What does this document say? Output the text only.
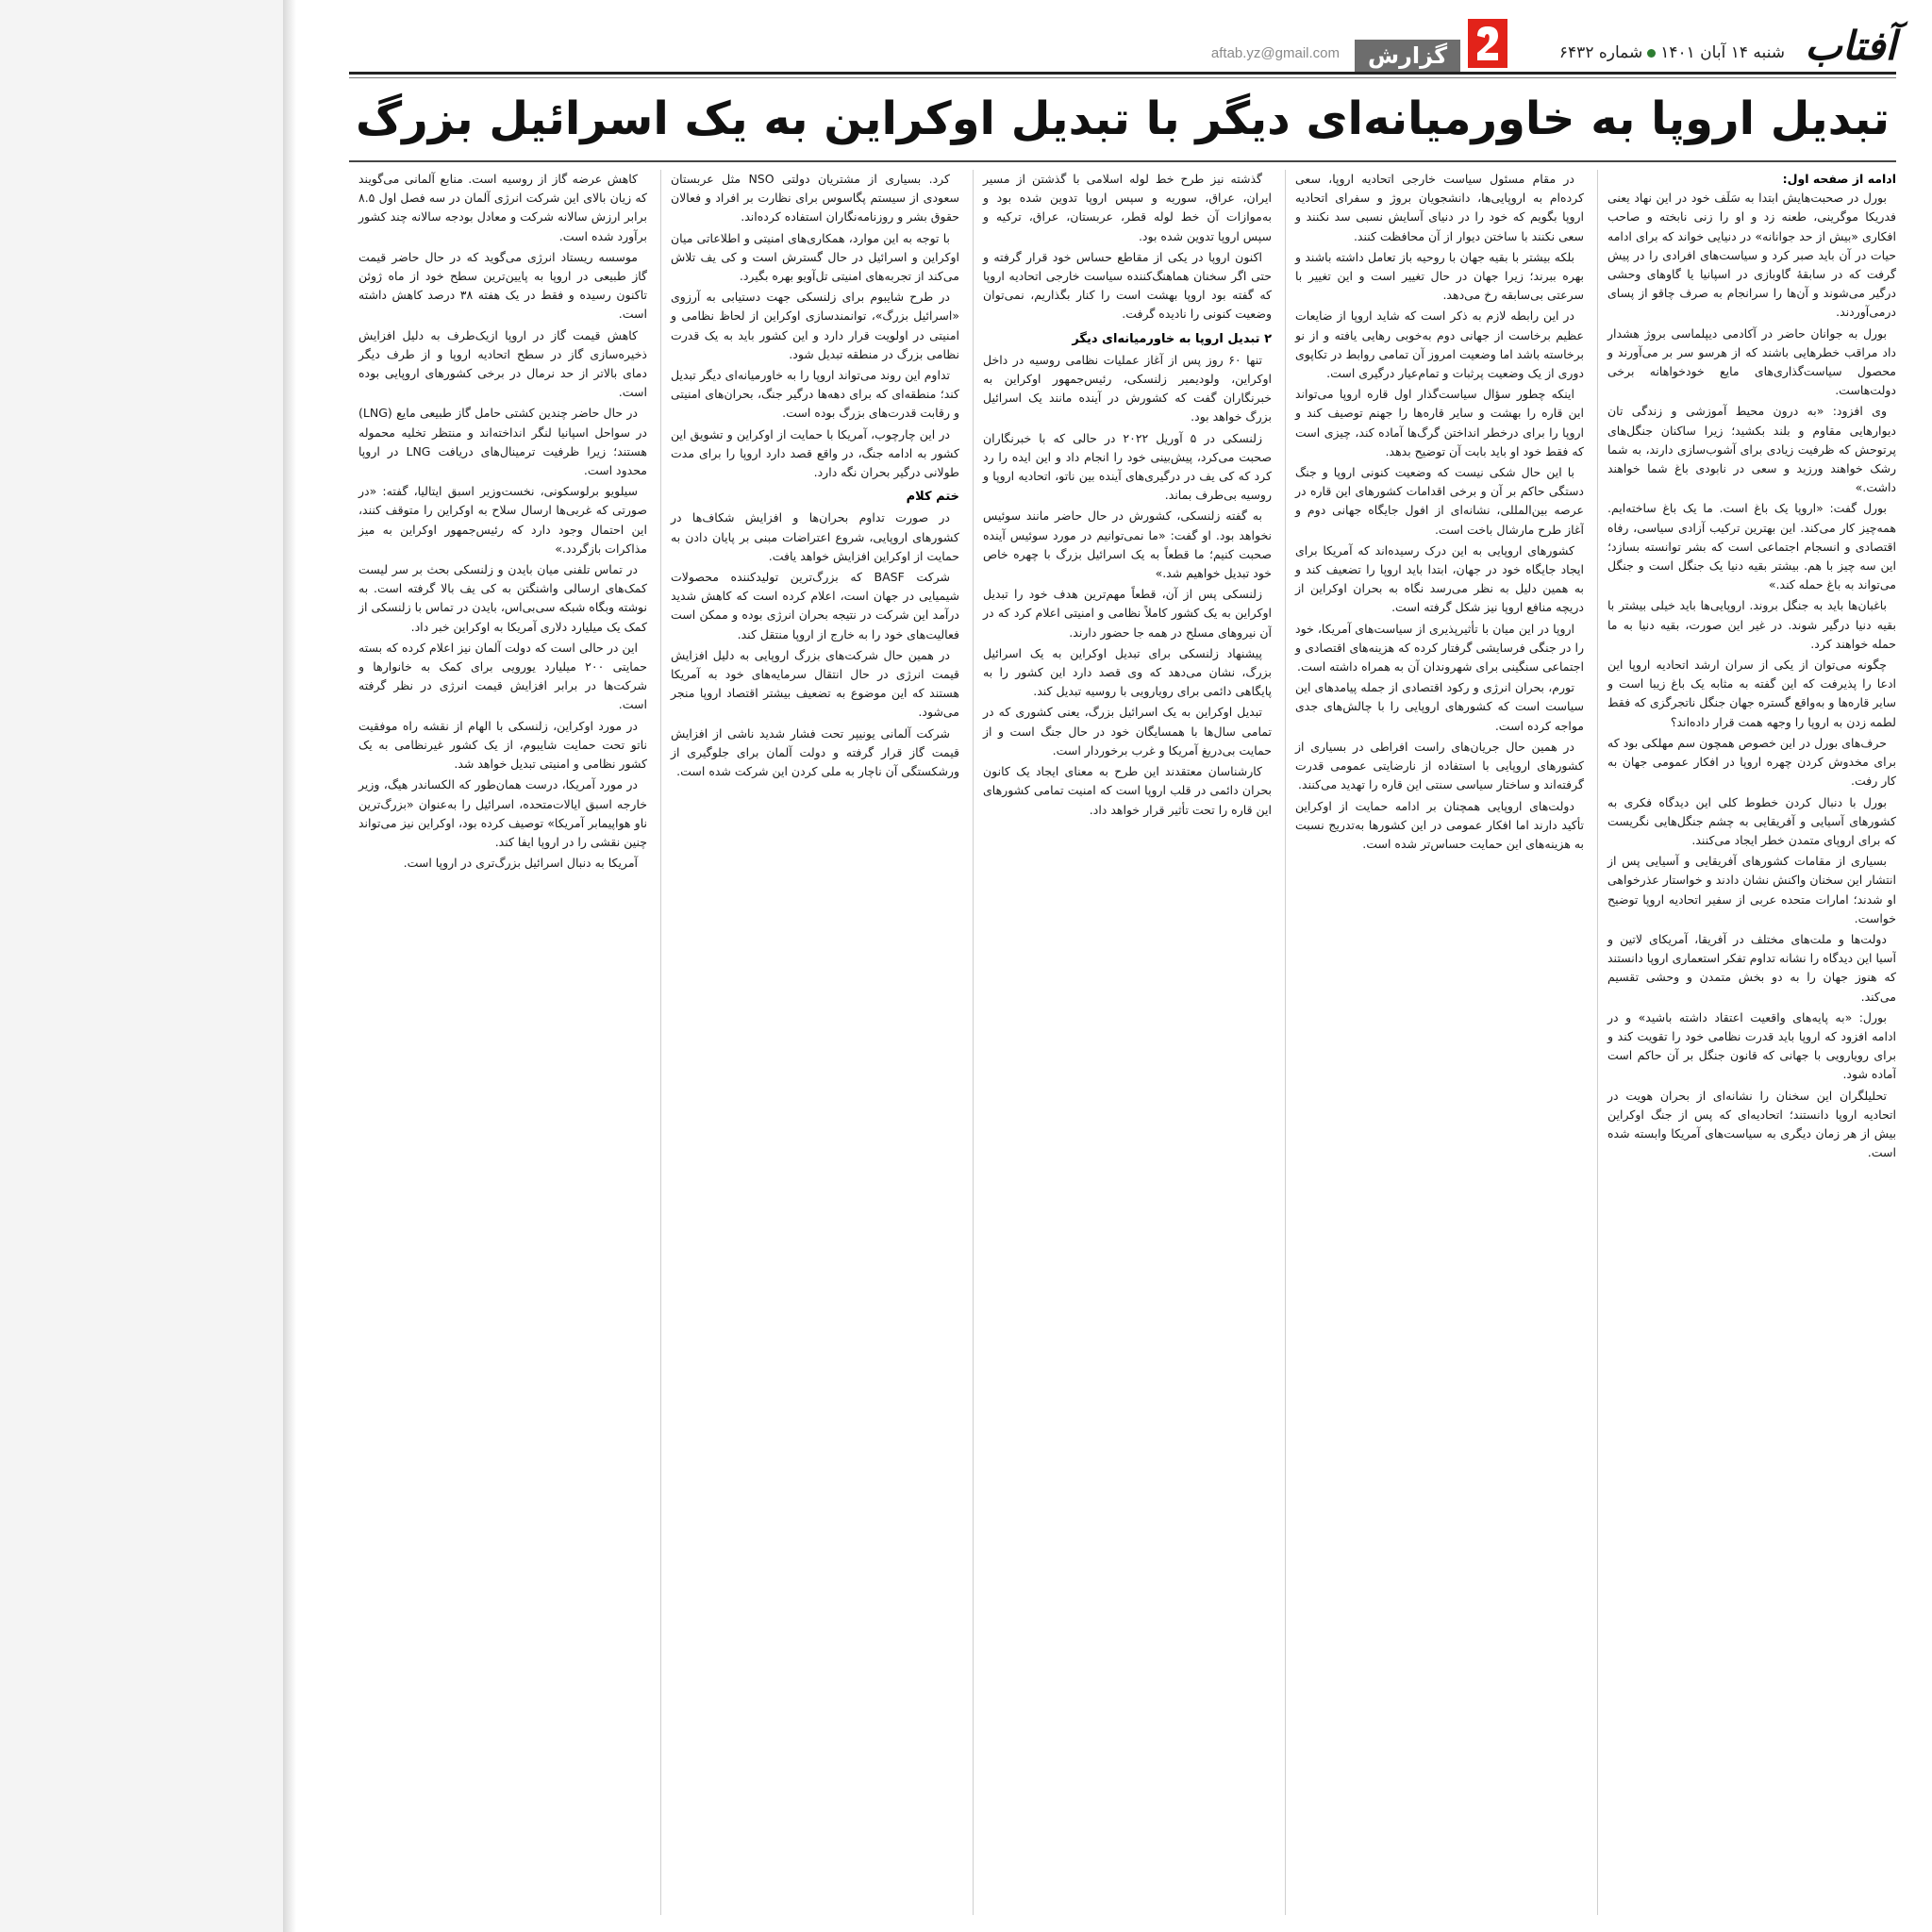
آفتاب
شنبه ۱۴ آبان ۱۴۰۱شماره ۶۴۳۲
گزارش
aftab.yz@gmail.com
تبدیل اروپا به خاورمیانه‌ای دیگر با تبدیل اوکراین به یک اسرائیل بزرگ
ادامه از صفحه اول:

بورل در صحبت‌هایش ابتدا به سَلَف خود در این نهاد یعنی فدریکا موگرینی، طعنه زد و او را زنی نابخته و صاحب افکاری «بیش از حد جوانانه» در دنیایی خواند که برای ادامه حیات در آن باید صبر کرد و سیاست‌های افرادی را در پیش گرفت که در سابقهٔ گاوبازی در اسپانیا یا گاوهای وحشی درگیر می‌شوند و آن‌ها را سرانجام به صرف چاقو از پسای درمی‌آوردند.

بورل به جوانان حاضر در آکادمی دیپلماسی بروژ هشدار داد مراقب خطرهایی باشند که از هرسو سر بر می‌آورند و محصول سیاست‌گذاری‌های مایع خودخواهانه برخی دولت‌هاست.

وی افزود: «به درون محیط آموزشی و زندگی تان دیوارهایی مقاوم و بلند بکشید؛ زیرا ساکنان جنگل‌های پرتوحش که ظرفیت زیادی برای آشوب‌سازی دارند، به شما رشک خواهند ورزید و سعی در نابودی باغ شما خواهند داشت.»

بورل گفت: «اروپا یک باغ است. ما یک باغ ساخته‌ایم. همه‌چیز کار می‌کند. این بهترین ترکیب آزادی سیاسی، رفاه اقتصادی و انسجام اجتماعی است که بشر توانسته بسازد؛ این سه چیز با هم. بیشتر بقیه دنیا یک جنگل است و جنگل می‌تواند به باغ حمله کند.»

باغبان‌ها باید به جنگل بروند. اروپایی‌ها باید خیلی بیشتر با بقیه دنیا درگیر شوند. در غیر این صورت، بقیه دنیا به ما حمله خواهند کرد.

چگونه می‌توان از یکی از سران ارشد اتحادیه اروپا این ادعا را پذیرفت که این گفته به مثابه یک باغ زیبا است و سایر قاره‌ها و به‌واقع گستره جهان جنگل ناتجرگزی که فقط لطمه زدن به اروپا را وجهه همت قرار داده‌اند؟

حرف‌های بورل در این خصوص همچون سم مهلکی بود که برای مخدوش کردن چهره اروپا در افکار عمومی جهان به کار رفت.

بورل با دنبال کردن خطوط کلی این دیدگاه فکری به کشورهای آسیایی و آفریقایی به چشم جنگل‌هایی نگریست که برای اروپای متمدن خطر ایجاد می‌کنند.

بسیاری از مقامات کشورهای آفریقایی و آسیایی پس از انتشار این سخنان واکنش نشان دادند و خواستار عذرخواهی او شدند؛ امارات متحده عربی از سفیر اتحادیه اروپا توضیح خواست.

دولت‌ها و ملت‌های مختلف در آفریقا، آمریکای لاتین و آسیا این دیدگاه را نشانه تداوم تفکر استعماری اروپا دانستند که هنوز جهان را به دو بخش متمدن و وحشی تقسیم می‌کند.

بورل: «به پایه‌های واقعیت اعتقاد داشته باشید» و در ادامه افزود که اروپا باید قدرت نظامی خود را تقویت کند و برای رویارویی با جهانی که قانون جنگل بر آن حاکم است آماده شود.

تحلیلگران این سخنان را نشانه‌ای از بحران هویت در اتحادیه اروپا دانستند؛ اتحادیه‌ای که پس از جنگ اوکراین بیش از هر زمان دیگری به سیاست‌های آمریکا وابسته شده است.

در مقام مسئول سیاست خارجی اتحادیه اروپا، سعی کرده‌ام به اروپایی‌ها، دانشجویان بروژ و سفرای اتحادیه اروپا بگویم که خود را در دنیای آسایش نسبی سد نکنند و سعی نکنند با ساختن دیوار از آن محافظت کنند.

بلکه بیشتر با بقیه جهان با روحیه باز تعامل داشته باشند و بهره ببرند؛ زیرا جهان در حال تغییر است و این تغییر با سرعتی بی‌سابقه رخ می‌دهد.

در این رابطه لازم به ذکر است که شاید اروپا از ضایعات عظیم برخاست از جهانی دوم به‌خوبی رهایی یافته و از نو برخاسته باشد اما وضعیت امروز آن تمامی روابط در تکاپوی دوری از یک وضعیت پرثبات و تمام‌عیار درگیری است.

اینکه چطور سؤال سیاست‌گذار اول قاره اروپا می‌تواند این قاره را بهشت و سایر قاره‌ها را جهنم توصیف کند و اروپا را برای درخطر انداختن گرگ‌ها آماده کند، چیزی است که فقط خود او باید بابت آن توضیح بدهد.

با این حال شکی نیست که وضعیت کنونی اروپا و جنگ دستگی حاکم بر آن و برخی اقدامات کشورهای این قاره در عرصه بین‌المللی، نشانه‌ای از افول جایگاه جهانی دوم و آغاز طرح مارشال باخت است.

کشورهای اروپایی به این درک رسیده‌اند که آمریکا برای ایجاد جایگاه خود در جهان، ابتدا باید اروپا را تضعیف کند و به همین دلیل به نظر می‌رسد نگاه به بحران اوکراین از دریچه منافع اروپا نیز شکل گرفته است.

اروپا در این میان با تأثیرپذیری از سیاست‌های آمریکا، خود را در جنگی فرسایشی گرفتار کرده که هزینه‌های اقتصادی و اجتماعی سنگینی برای شهروندان آن به همراه داشته است.

تورم، بحران انرژی و رکود اقتصادی از جمله پیامدهای این سیاست است که کشورهای اروپایی را با چالش‌های جدی مواجه کرده است.

در همین حال جریان‌های راست افراطی در بسیاری از کشورهای اروپایی با استفاده از نارضایتی عمومی قدرت گرفته‌اند و ساختار سیاسی سنتی این قاره را تهدید می‌کنند.

دولت‌های اروپایی همچنان بر ادامه حمایت از اوکراین تأکید دارند اما افکار عمومی در این کشورها به‌تدریج نسبت به هزینه‌های این حمایت حساس‌تر شده است.

گذشته نیز طرح خط لوله اسلامی با گذشتن از مسیر ایران، عراق، سوریه و سپس اروپا تدوین شده بود و به‌موازات آن خط لوله قطر، عربستان، عراق، ترکیه و سپس اروپا تدوین شده بود.

اکنون اروپا در یکی از مقاطع حساس خود قرار گرفته و حتی اگر سخنان هماهنگ‌کننده سیاست خارجی اتحادیه اروپا که گفته بود اروپا بهشت است را کنار بگذاریم، نمی‌توان وضعیت کنونی را نادیده گرفت.

۲ تبدیل اروپا به خاورمیانه‌ای دیگر

تنها ۶۰ روز پس از آغاز عملیات نظامی روسیه در داخل اوکراین، ولودیمیر زلنسکی، رئیس‌جمهور اوکراین به خبرنگاران گفت که کشورش در آینده مانند یک اسرائیل بزرگ خواهد بود.

زلنسکی در ۵ آوریل ۲۰۲۲ در حالی که با خبرنگاران صحبت می‌کرد، پیش‌بینی خود را انجام داد و این ایده را رد کرد که کی یف در درگیری‌های آینده بین ناتو، اتحادیه اروپا و روسیه بی‌طرف بماند.

به گفته زلنسکی، کشورش در حال حاضر مانند سوئیس نخواهد بود. او گفت: «ما نمی‌توانیم در مورد سوئیس آینده صحبت کنیم؛ ما قطعاً به یک اسرائیل بزرگ با چهره خاص خود تبدیل خواهیم شد.»

زلنسکی پس از آن، قطعاً مهم‌ترین هدف خود را تبدیل اوکراین به یک کشور کاملاً نظامی و امنیتی اعلام کرد که در آن نیروهای مسلح در همه جا حضور دارند.

پیشنهاد زلنسکی برای تبدیل اوکراین به یک اسرائیل بزرگ، نشان می‌دهد که وی قصد دارد این کشور را به پایگاهی دائمی برای رویارویی با روسیه تبدیل کند.

تبدیل اوکراین به یک اسرائیل بزرگ، یعنی کشوری که در تمامی سال‌ها با همسایگان خود در حال جنگ است و از حمایت بی‌دریغ آمریکا و غرب برخوردار است.

کارشناسان معتقدند این طرح به معنای ایجاد یک کانون بحران دائمی در قلب اروپا است که امنیت تمامی کشورهای این قاره را تحت تأثیر قرار خواهد داد.

کرد. بسیاری از مشتریان دولتی NSO مثل عربستان سعودی از سیستم پگاسوس برای نظارت بر افراد و فعالان حقوق بشر و روزنامه‌نگاران استفاده کرده‌اند.

با توجه به این موارد، همکاری‌های امنیتی و اطلاعاتی میان اوکراین و اسرائیل در حال گسترش است و کی یف تلاش می‌کند از تجربه‌های امنیتی تل‌آویو بهره بگیرد.

در طرح شایبوم برای زلنسکی جهت دستیابی به آرزوی «اسرائیل بزرگ»، توانمندسازی اوکراین از لحاظ نظامی و امنیتی در اولویت قرار دارد و این کشور باید به یک قدرت نظامی بزرگ در منطقه تبدیل شود.

تداوم این روند می‌تواند اروپا را به خاورمیانه‌ای دیگر تبدیل کند؛ منطقه‌ای که برای دهه‌ها درگیر جنگ، بحران‌های امنیتی و رقابت قدرت‌های بزرگ بوده است.

در این چارچوب، آمریکا با حمایت از اوکراین و تشویق این کشور به ادامه جنگ، در واقع قصد دارد اروپا را برای مدت طولانی درگیر بحران نگه دارد.

ختم کلام

در صورت تداوم بحران‌ها و افزایش شکاف‌ها در کشورهای اروپایی، شروع اعتراضات مبنی بر پایان دادن به حمایت از اوکراین افزایش خواهد یافت.

شرکت BASF که بزرگ‌ترین تولیدکننده محصولات شیمیایی در جهان است، اعلام کرده است که کاهش شدید درآمد این شرکت در نتیجه بحران انرژی بوده و ممکن است فعالیت‌های خود را به خارج از اروپا منتقل کند.

در همین حال شرکت‌های بزرگ اروپایی به دلیل افزایش قیمت انرژی در حال انتقال سرمایه‌های خود به آمریکا هستند که این موضوع به تضعیف بیشتر اقتصاد اروپا منجر می‌شود.

شرکت آلمانی یونیپر تحت فشار شدید ناشی از افزایش قیمت گاز قرار گرفته و دولت آلمان برای جلوگیری از ورشکستگی آن ناچار به ملی کردن این شرکت شده است.

کاهش عرضه گاز از روسیه است. منابع آلمانی می‌گویند که زیان بالای این شرکت انرژی آلمان در سه فصل اول ۸.۵ برابر ارزش سالانه شرکت و معادل بودجه سالانه چند کشور برآورد شده است.

موسسه ریستاد انرژی می‌گوید که در حال حاضر قیمت گاز طبیعی در اروپا به پایین‌ترین سطح خود از ماه ژوئن تاکنون رسیده و فقط در یک هفته ۳۸ درصد کاهش داشته است.

کاهش قیمت گاز در اروپا ازیک‌طرف به دلیل افزایش ذخیره‌سازی گاز در سطح اتحادیه اروپا و از طرف دیگر دمای بالاتر از حد نرمال در برخی کشورهای اروپایی بوده است.

در حال حاضر چندین کشتی حامل گاز طبیعی مایع (LNG) در سواحل اسپانیا لنگر انداخته‌اند و منتظر تخلیه محموله هستند؛ زیرا ظرفیت ترمینال‌های دریافت LNG در اروپا محدود است.

سیلویو برلوسکونی، نخست‌وزیر اسبق ایتالیا، گفته: «در صورتی که غربی‌ها ارسال سلاح به اوکراین را متوقف کنند، این احتمال وجود دارد که رئیس‌جمهور اوکراین به میز مذاکرات بازگردد.»

در تماس تلفنی میان بایدن و زلنسکی بحث بر سر لیست کمک‌های ارسالی واشنگتن به کی یف بالا گرفته است. به نوشته وبگاه شبکه سی‌بی‌اس، بایدن در تماس با زلنسکی از کمک یک میلیارد دلاری آمریکا به اوکراین خبر داد.

این در حالی است که دولت آلمان نیز اعلام کرده که بسته حمایتی ۲۰۰ میلیارد یورویی برای کمک به خانوارها و شرکت‌ها در برابر افزایش قیمت انرژی در نظر گرفته است.

در مورد اوکراین، زلنسکی با الهام از نقشه راه موفقیت ناتو تحت حمایت شایبوم، از یک کشور غیرنظامی به یک کشور نظامی و امنیتی تبدیل خواهد شد.

در مورد آمریکا، درست همان‌طور که الکساندر هیگ، وزیر خارجه اسبق ایالات‌متحده، اسرائیل را به‌عنوان «بزرگ‌ترین ناو هواپیمابر آمریکا» توصیف کرده بود، اوکراین نیز می‌تواند چنین نقشی را در اروپا ایفا کند.

آمریکا به دنبال اسرائیل بزرگ‌تری در اروپا است.
